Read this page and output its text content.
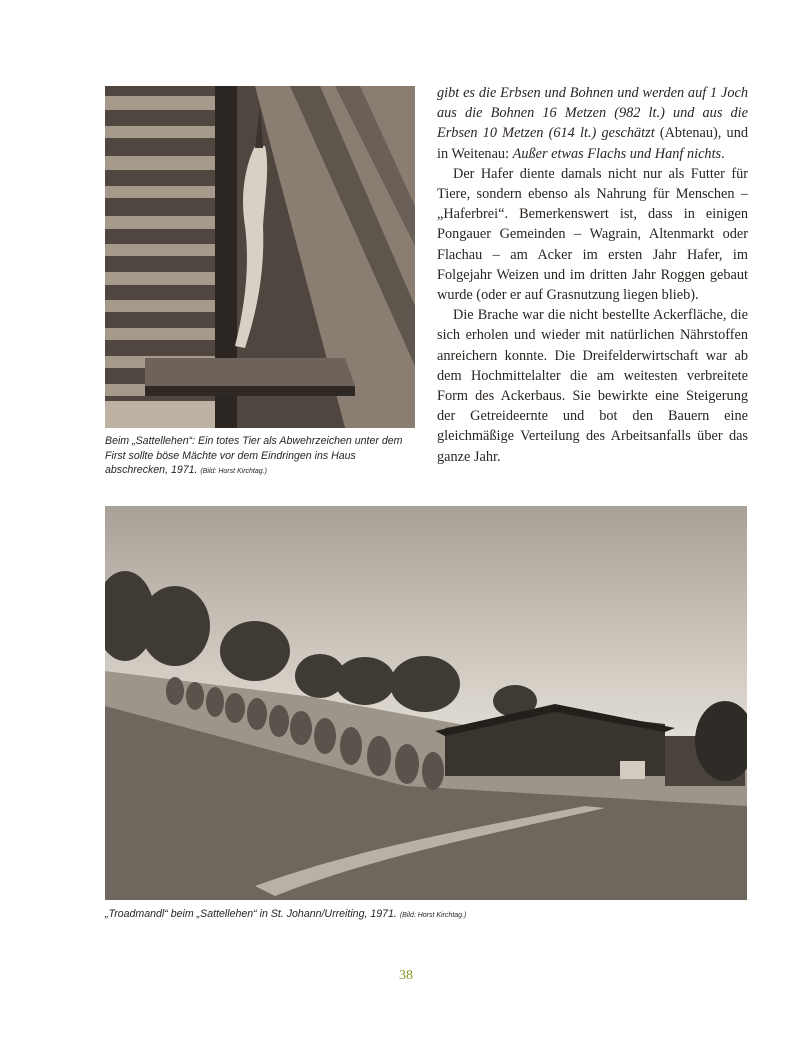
Beim „Sattellehen“: Ein totes Tier als Abwehrzeichen unter dem First sollte böse Mächte vor dem Eindringen ins Haus abschrecken, 1971. (Bild: Horst Kirchtag.)

gibt es die Erbsen und Bohnen und werden auf 1 Joch aus die Bohnen 16 Metzen (982 lt.) und aus die Erbsen 10 Metzen (614 lt.) geschätzt (Abtenau), und in Weitenau: Außer etwas Flachs und Hanf nichts.

Der Hafer diente damals nicht nur als Futter für Tiere, sondern ebenso als Nahrung für Menschen – „Haferbrei“. Bemerkenswert ist, dass in einigen Pongauer Gemeinden – Wagrain, Altenmarkt oder Flachau – am Acker im ersten Jahr Hafer, im Folgejahr Weizen und im dritten Jahr Roggen gebaut wurde (oder er auf Grasnutzung liegen blieb).

Die Brache war die nicht bestellte Ackerfläche, die sich erholen und wieder mit natürlichen Nährstoffen anreichern konnte. Die Dreifelderwirtschaft war ab dem Hochmittelalter die am weitesten verbreitete Form des Ackerbaus. Sie bewirkte eine Steigerung der Getreideernte und bot den Bauern eine gleichmäßige Verteilung des Arbeitsanfalls über das ganze Jahr.

„Troadmandl“ beim „Sattellehen“ in St. Johann/Urreiting, 1971. (Bild: Horst Kirchtag.)
38
